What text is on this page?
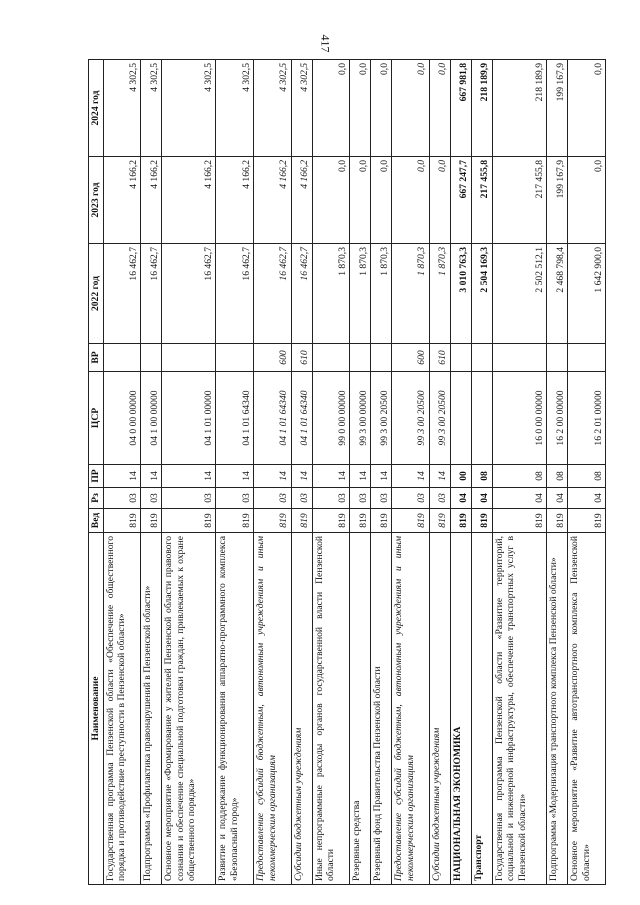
417
Наименование	Вед	Рз	ПР	ЦСР	ВР	2022 год	2023 год	2024 год
Государственная программа Пензенской области «Обеспечение общественного порядка и противодействие преступности в Пензенской области»	819	03	14	04 0 00 00000		16 462,7	4 166,2	4 302,5
Подпрограмма «Профилактика правонарушений в Пензенской области»	819	03	14	04 1 00 00000		16 462,7	4 166,2	4 302,5
Основное мероприятие «Формирование у жителей Пензенской области правового сознания и обеспечение специальной подготовки граждан, привлекаемых к охране общественного порядка»	819	03	14	04 1 01 00000		16 462,7	4 166,2	4 302,5
Развитие и поддержание функционирования аппаратно-программного комплекса «Безопасный город»	819	03	14	04 1 01 64340		16 462,7	4 166,2	4 302,5
Предоставление субсидий бюджетным, автономным учреждениям и иным некоммерческим организациям	819	03	14	04 1 01 64340	600	16 462,7	4 166,2	4 302,5
Субсидии бюджетным учреждениям	819	03	14	04 1 01 64340	610	16 462,7	4 166,2	4 302,5
Иные непрограммные расходы органов государственной власти Пензенской области	819	03	14	99 0 00 00000		1 870,3	0,0	0,0
Резервные средства	819	03	14	99 3 00 00000		1 870,3	0,0	0,0
Резервный фонд Правительства Пензенской области	819	03	14	99 3 00 20500		1 870,3	0,0	0,0
Предоставление субсидий бюджетным, автономным учреждениям и иным некоммерческим организациям	819	03	14	99 3 00 20500	600	1 870,3	0,0	0,0
Субсидии бюджетным учреждениям	819	03	14	99 3 00 20500	610	1 870,3	0,0	0,0
НАЦИОНАЛЬНАЯ ЭКОНОМИКА	819	04	00			3 010 763,3	667 247,7	667 981,8
Транспорт	819	04	08			2 504 169,3	217 455,8	218 189,9
Государственная программа Пензенской области «Развитие территорий, социальной и инженерной инфраструктуры, обеспечение транспортных услуг в Пензенской области»	819	04	08	16 0 00 00000		2 502 512,1	217 455,8	218 189,9
Подпрограмма «Модернизация транспортного комплекса Пензенской области»	819	04	08	16 2 00 00000		2 468 798,4	199 167,9	199 167,9
Основное мероприятие «Развитие автотранспортного комплекса Пензенской области»	819	04	08	16 2 01 00000		1 642 900,0	0,0	0,0
